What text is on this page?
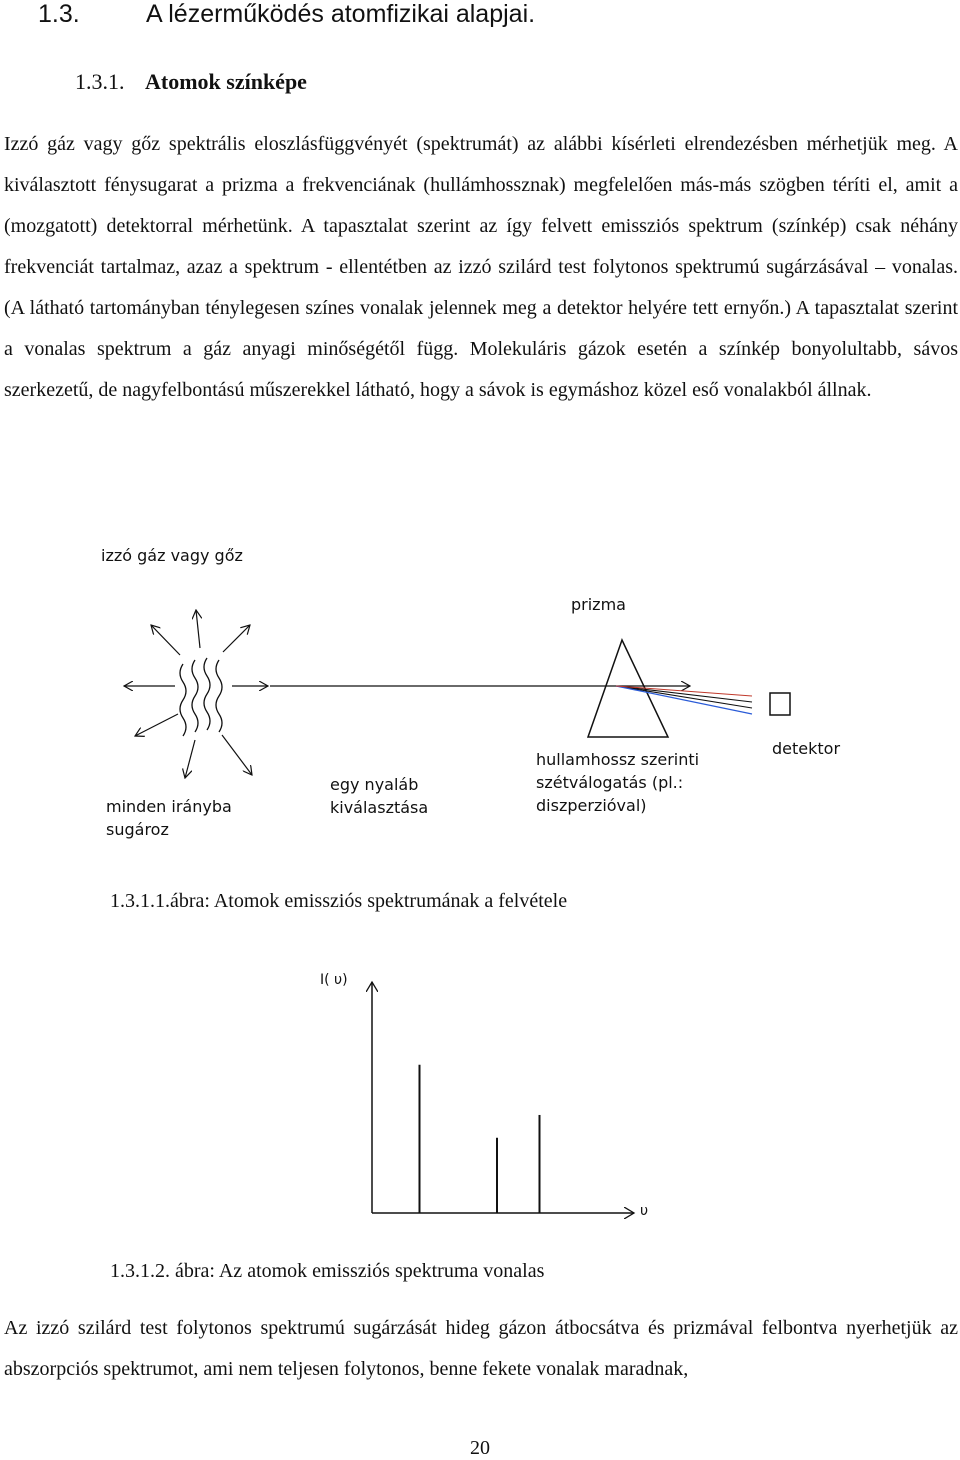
1.3.	A lézerműködés atomfizikai alapjai.
1.3.1. Atomok színképe

Izzó gáz vagy gőz spektrális eloszlásfüggvényét (spektrumát) az alábbi kísérleti elrendezésben mérhetjük meg. A kiválasztott fénysugarat a prizma a frekvenciának (hullámhossznak) megfelelően más-más szögben téríti el, amit a (mozgatott) detektorral mérhetünk. A tapasztalat szerint az így felvett emissziós spektrum (színkép) csak néhány frekvenciát tartalmaz, azaz a spektrum - ellentétben az izzó szilárd test folytonos spektrumú sugárzásával – vonalas. (A látható tartományban ténylegesen színes vonalak jelennek meg a detektor helyére tett ernyőn.) A tapasztalat szerint a vonalas spektrum a gáz anyagi minőségétől függ. Molekuláris gázok esetén a színkép bonyolultabb, sávos szerkezetű, de nagyfelbontású műszerekkel látható, hogy a sávok is egymáshoz közel eső vonalakból állnak.

izzó gáz vagy gőz
prizma
detektor
minden irányba
sugároz
egy nyaláb
kiválasztása
hullamhossz szerinti
szétválogatás (pl.:
diszperzióval)
1.3.1.1.ábra: Atomok emissziós spektrumának a felvétele
I( υ)
υ
1.3.1.2. ábra: Az atomok emissziós spektruma vonalas

Az izzó szilárd test folytonos spektrumú sugárzását hideg gázon átbocsátva és prizmával felbontva nyerhetjük az abszorpciós spektrumot, ami nem teljesen folytonos, benne fekete vonalak maradnak,

20
